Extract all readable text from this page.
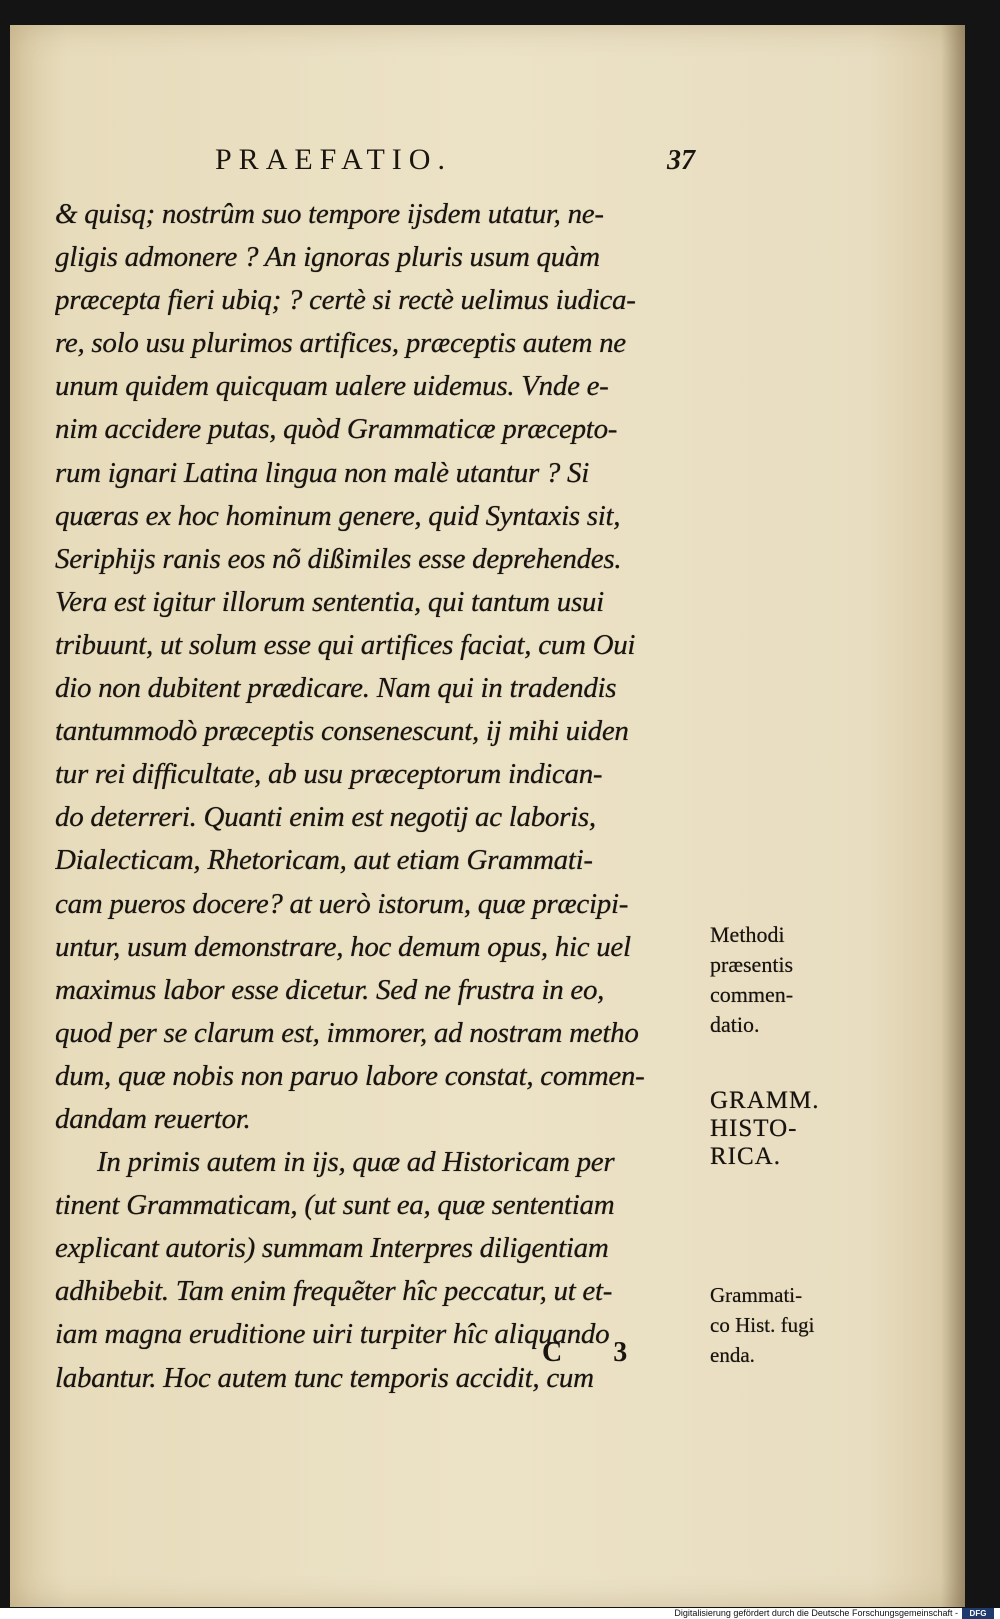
PRAEFATIO.	37
& quisq; nostrûm suo tempore ijsdem utatur, ne-
gligis admonere ? An ignoras pluris usum quàm
præcepta fieri ubiq; ? certè si rectè uelimus iudica-
re, solo usu plurimos artifices, præceptis autem ne
unum quidem quicquam ualere uidemus. Vnde e-
nim accidere putas, quòd Grammaticæ præcepto-
rum ignari Latina lingua non malè utantur ? Si
quæras ex hoc hominum genere, quid Syntaxis sit,
Seriphijs ranis eos nõ dißimiles esse deprehendes.
Vera est igitur illorum sententia, qui tantum usui
tribuunt, ut solum esse qui artifices faciat, cum Oui
dio non dubitent prædicare. Nam qui in tradendis
tantummodò præceptis consenescunt, ij mihi uiden
tur rei difficultate, ab usu præceptorum indican-
do deterreri. Quanti enim est negotij ac laboris,
Dialecticam, Rhetoricam, aut etiam Grammati-
cam pueros docere? at uerò istorum, quæ præcipi-
untur, usum demonstrare, hoc demum opus, hic uel
maximus labor esse dicetur. Sed ne frustra in eo,
quod per se clarum est, immorer, ad nostram metho
dum, quæ nobis non paruo labore constat, commen-
dandam reuertor.
In primis autem in ijs, quæ ad Historicam per
tinent Grammaticam, (ut sunt ea, quæ sententiam
explicant autoris) summam Interpres diligentiam
adhibebit. Tam enim frequẽter hîc peccatur, ut et-
iam magna eruditione uiri turpiter hîc aliquando
labantur. Hoc autem tunc temporis accidit, cum
Methodi
præsentis
commen-
datio.
GRAMM.
HISTO-
RICA.
Grammati-
co Hist. fugi
enda.
C 3
Digitalisierung gefördert durch die Deutsche Forschungsgemeinschaft -	DFG
